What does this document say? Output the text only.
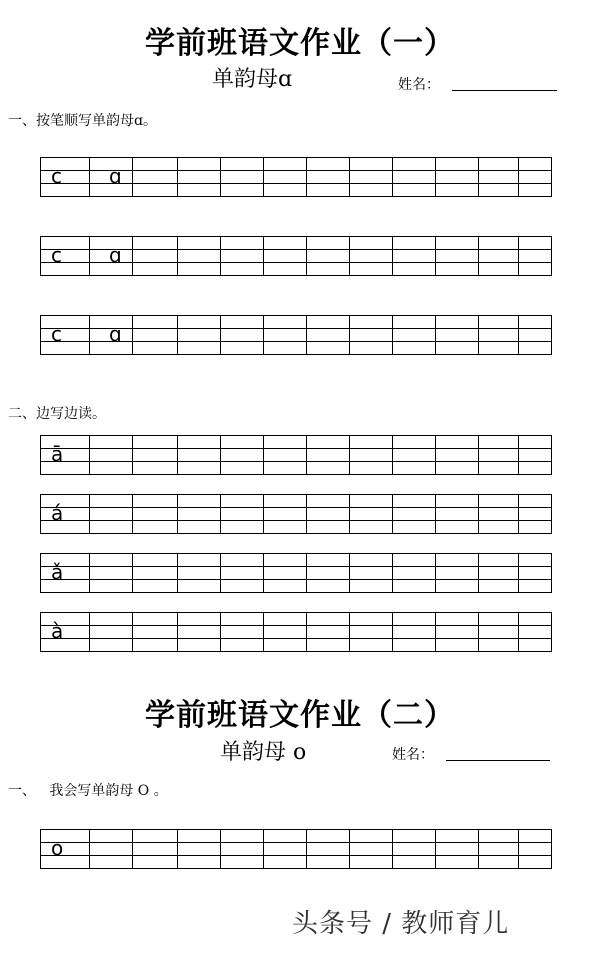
学前班语文作业（一）
单韵母ɑ	姓名：
一、按笔顺写单韵母ɑ。
c ɑ
c ɑ
c ɑ
二、边写边读。
ā
á
ǎ
à
学前班语文作业（二）
单韵母 o	姓名：
一、   我会写单韵母 O 。
o
头条号 / 教师育儿
